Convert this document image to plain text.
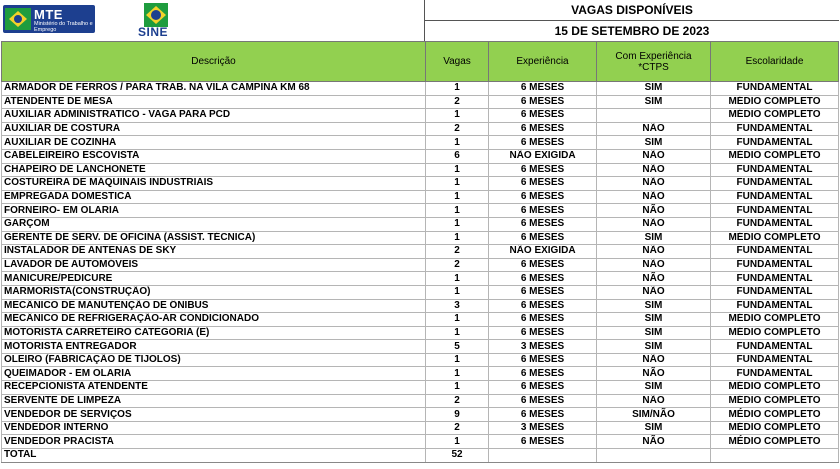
MTE
Ministério do Trabalho e Emprego	SINE
VAGAS DISPONÍVEIS
15 DE SETEMBRO DE 2023
Descrição	Vagas	Experiência	Com Experiência *CTPS	Escolaridade
ARMADOR DE FERROS / PARA TRAB. NA VILA CAMPINA KM 68	1	6 MESES	SIM	FUNDAMENTAL
ATENDENTE DE MESA	2	6 MESES	SIM	MÉDIO COMPLETO
AUXILIAR ADMINISTRATICO - VAGA PARA PCD	1	6 MESES		MÉDIO COMPLETO
AUXILIAR DE COSTURA	2	6 MESES	NÃO	FUNDAMENTAL
AUXILIAR DE COZINHA	1	6 MESES	SIM	FUNDAMENTAL
CABELEIREIRO ESCOVISTA	6	NÃO EXIGIDA	NÃO	MÉDIO COMPLETO
CHAPEIRO DE LANCHONETE	1	6 MESES	NÃO	FUNDAMENTAL
COSTUREIRA DE MÁQUINAIS INDUSTRIAIS	1	6 MESES	NÃO	FUNDAMENTAL
EMPREGADA DOMESTICA	1	6 MESES	NÃO	FUNDAMENTAL
FORNEIRO- EM OLARIA	1	6 MESES	NÃO	FUNDAMENTAL
GARÇOM	1	6 MESES	NÃO	FUNDAMENTAL
GERENTE DE SERV. DE OFICINA (ASSIST. TÉCNICA)	1	6 MESES	SIM	MÉDIO COMPLETO
INSTALADOR DE ANTENAS DE SKY	2	NÃO EXIGIDA	NÃO	FUNDAMENTAL
LAVADOR DE AUTOMÓVEIS	2	6 MESES	NÃO	FUNDAMENTAL
MANICURE/PEDICURE	1	6 MESES	NÃO	FUNDAMENTAL
MARMORISTA(CONSTRUÇÃO)	1	6 MESES	NÃO	FUNDAMENTAL
MECÂNICO DE MANUTENÇÃO DE ÔNIBUS	3	6 MESES	SIM	FUNDAMENTAL
MECÂNICO DE REFRIGERAÇÃO-AR CONDICIONADO	1	6 MESES	SIM	MÉDIO COMPLETO
MOTORISTA CARRETEIRO CATEGORIA (E)	1	6 MESES	SIM	MÉDIO COMPLETO
MOTORISTA ENTREGADOR	5	3 MESES	SIM	FUNDAMENTAL
OLEIRO (FABRICAÇÃO DE TIJOLOS)	1	6 MESES	NÃO	FUNDAMENTAL
QUEIMADOR - EM OLARIA	1	6 MESES	NÃO	FUNDAMENTAL
RECEPCIONISTA ATENDENTE	1	6 MESES	SIM	MÉDIO COMPLETO
SERVENTE DE LIMPEZA	2	6 MESES	NÃO	MÉDIO COMPLETO
VENDEDOR DE SERVIÇOS	9	6 MESES	SIM/NÃO	MÉDIO COMPLETO
VENDEDOR INTERNO	2	3 MESES	SIM	MÉDIO COMPLETO
VENDEDOR PRACISTA	1	6 MESES	NÃO	MÉDIO COMPLETO
TOTAL	52			
